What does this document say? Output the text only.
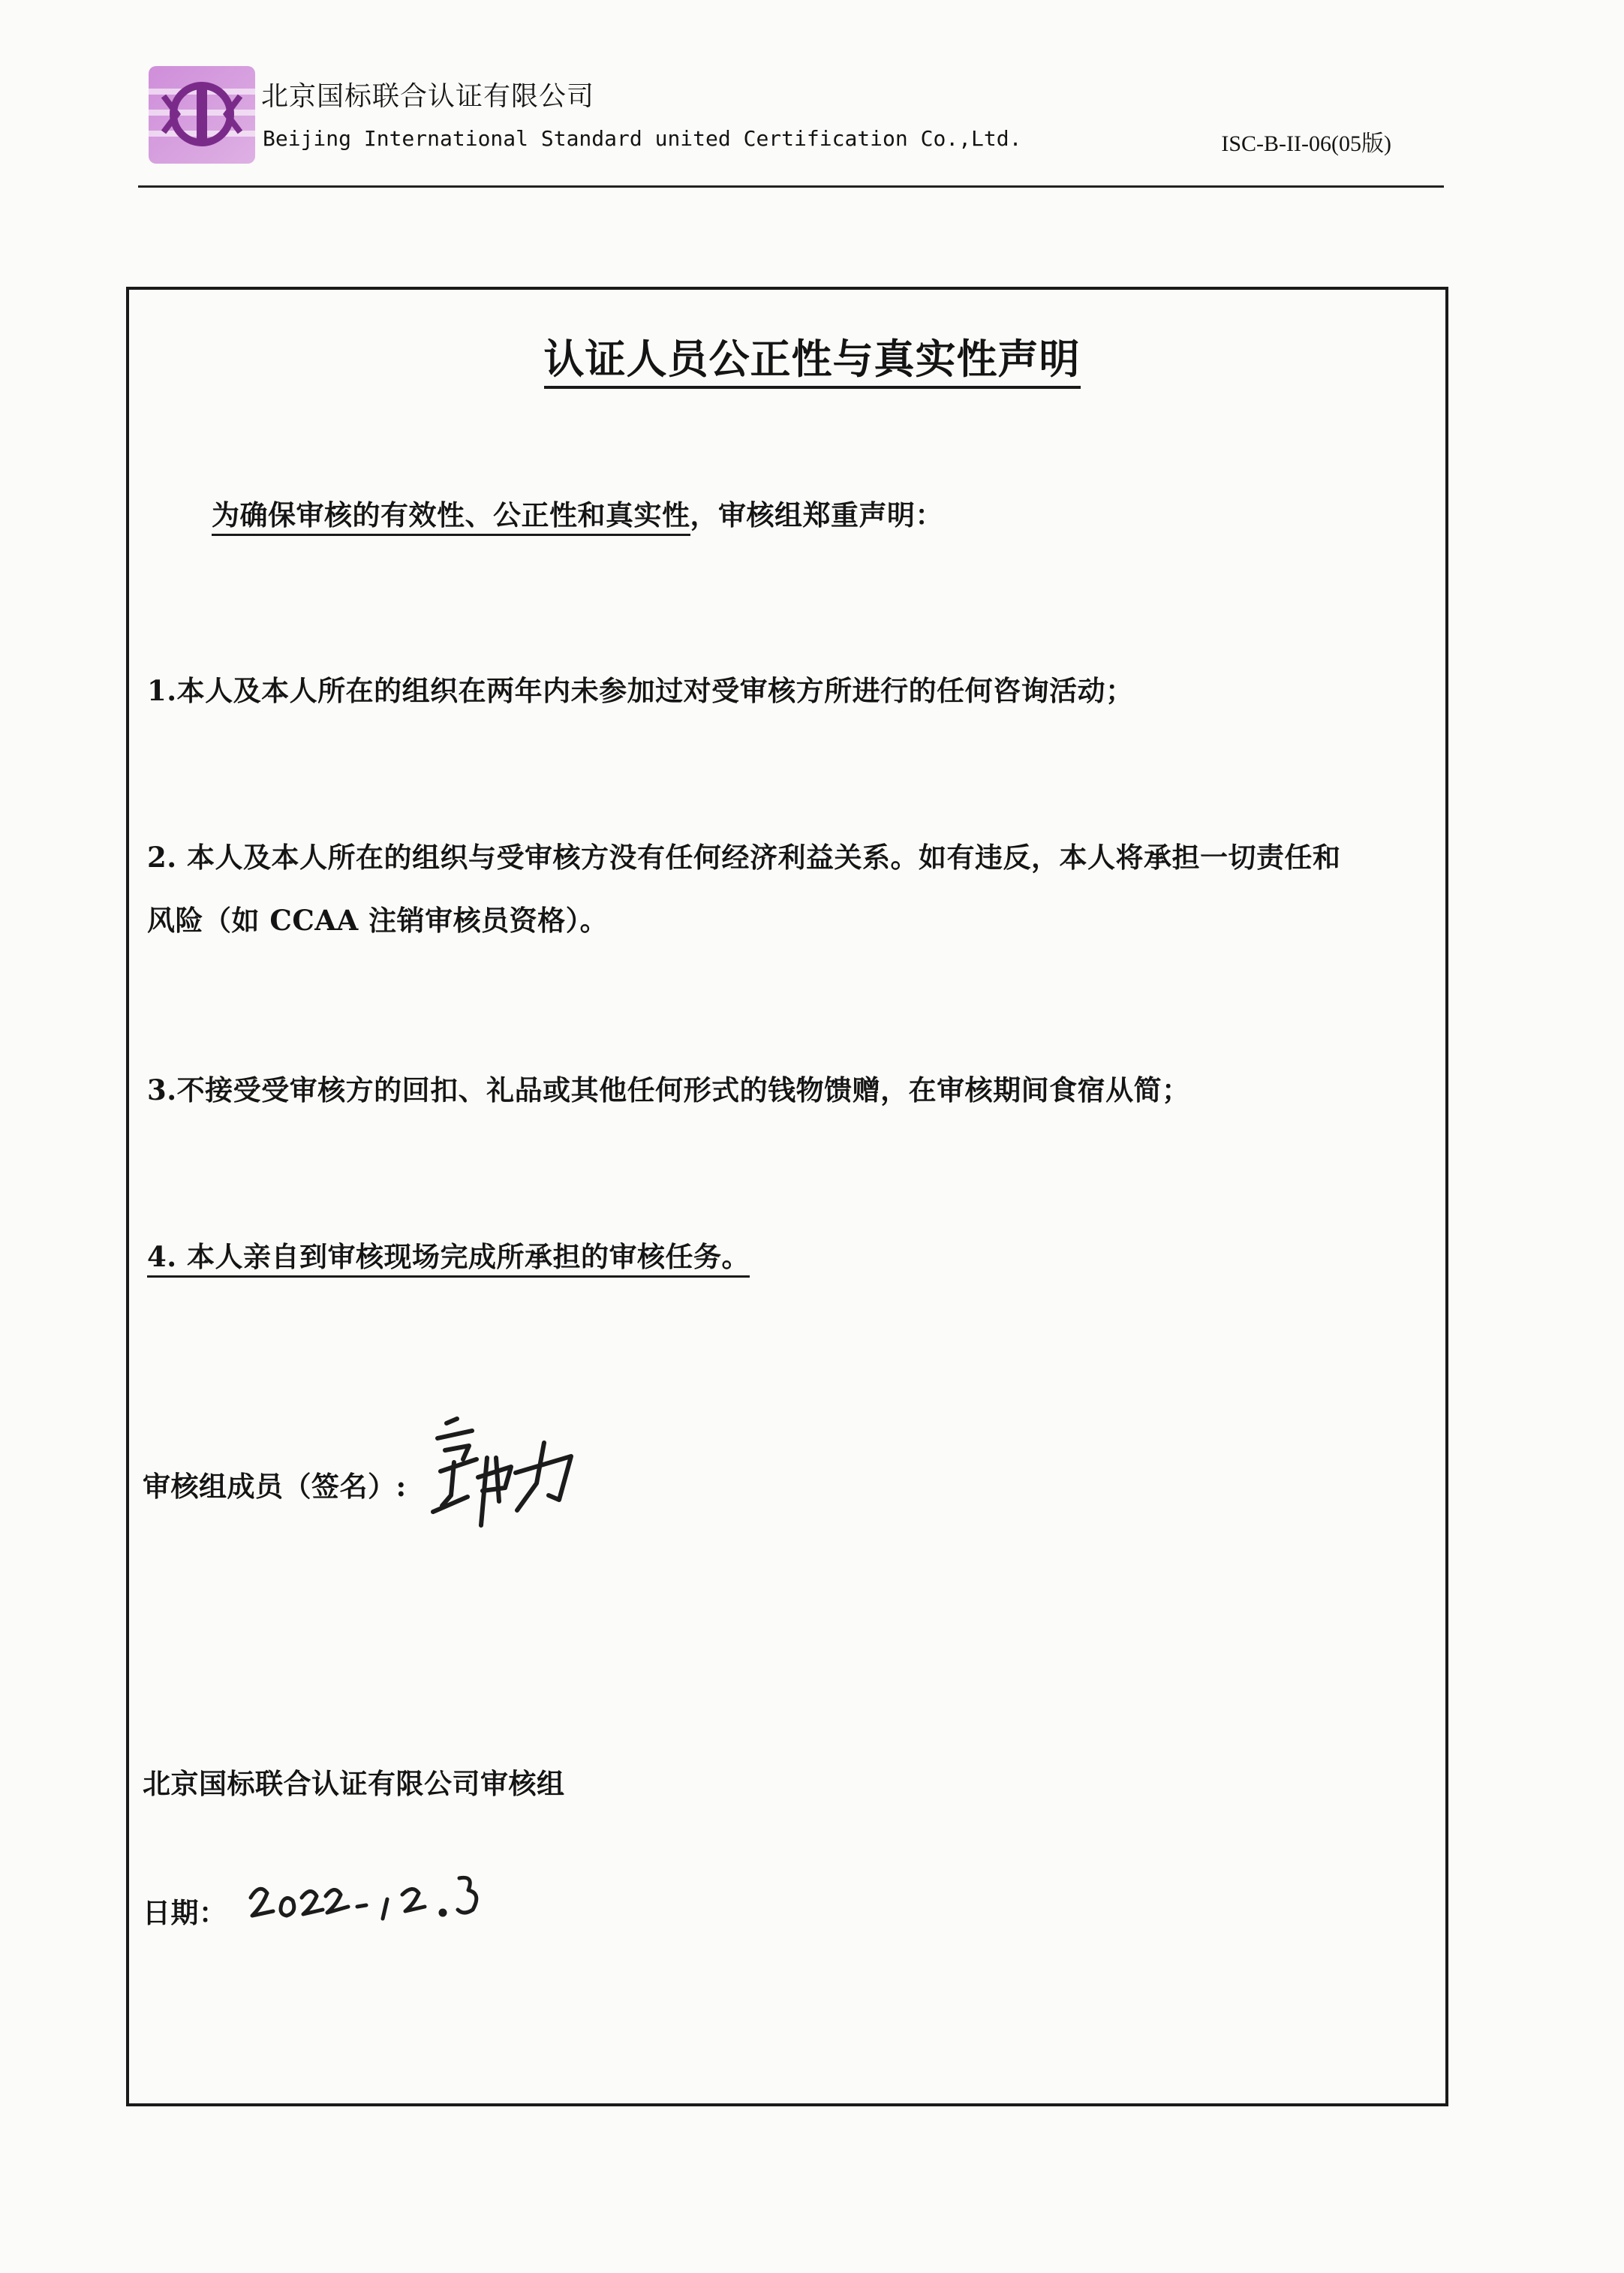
北京国标联合认证有限公司
Beijing International Standard united Certification Co.,Ltd.	ISC-B-II-06(05版)
认证人员公正性与真实性声明
为确保审核的有效性、公正性和真实性，审核组郑重声明：
1.本人及本人所在的组织在两年内未参加过对受审核方所进行的任何咨询活动；
2. 本人及本人所在的组织与受审核方没有任何经济利益关系。如有违反，本人将承担一切责任和
风险（如 CCAA 注销审核员资格）。
3.不接受受审核方的回扣、礼品或其他任何形式的钱物馈赠，在审核期间食宿从简；
4. 本人亲自到审核现场完成所承担的审核任务。
审核组成员（签名）:
北京国标联合认证有限公司审核组
日期：
